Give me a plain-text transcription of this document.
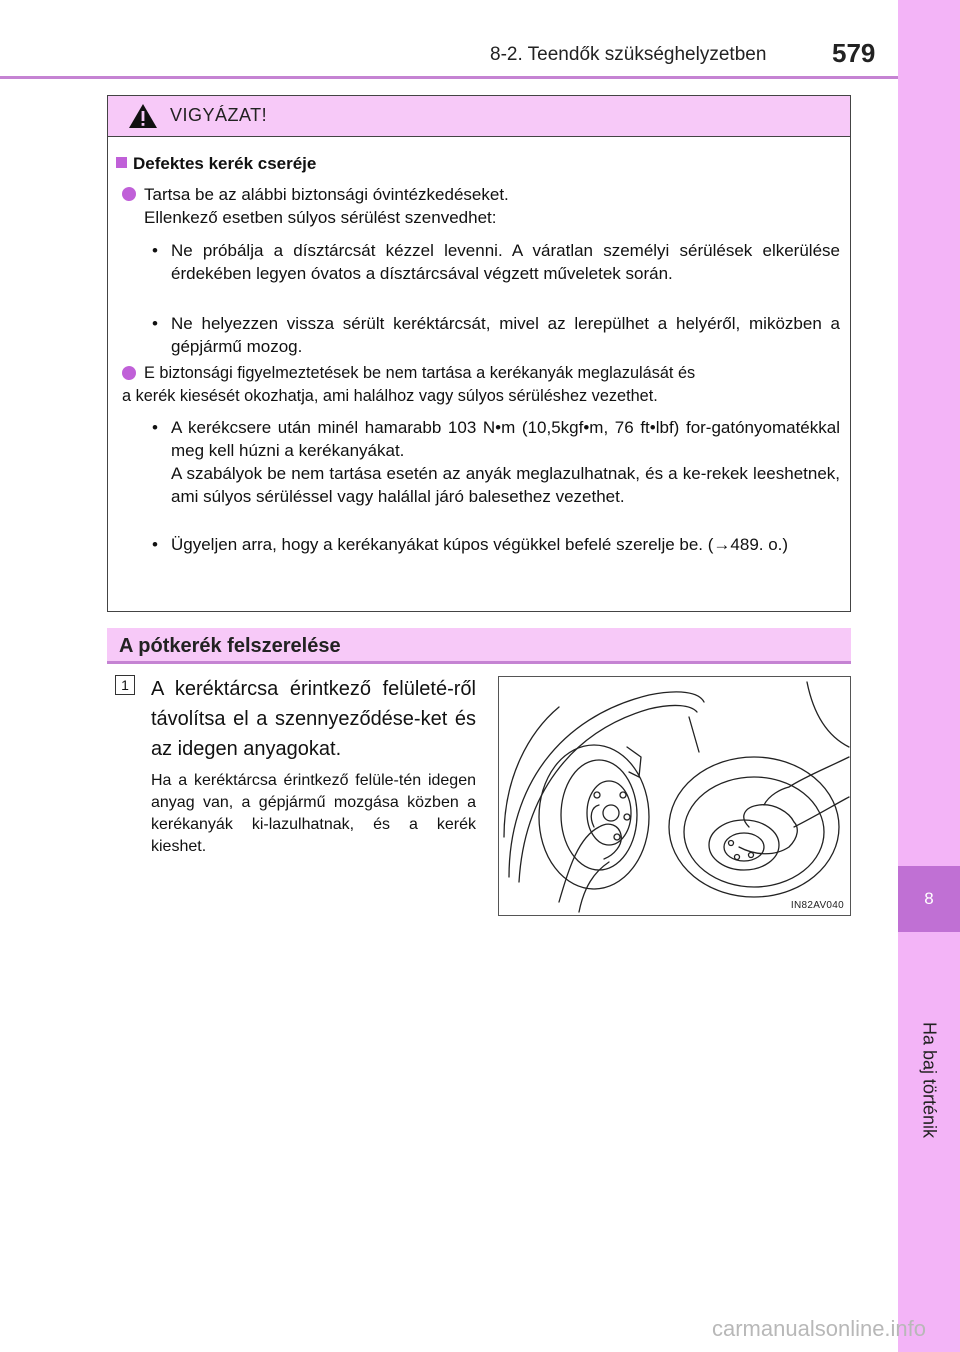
8-2. Teendők szükséghelyzetben	579
8
Ha baj történik
VIGYÁZAT!
Defektes kerék cseréje
Tartsa be az alábbi biztonsági óvintézkedéseket.
Ellenkező esetben súlyos sérülést szenvedhet:
• Ne próbálja a dísztárcsát kézzel levenni. A váratlan személyi sérülések elkerülése érdekében legyen óvatos a dísztárcsával végzett műveletek során.
• Ne helyezzen vissza sérült keréktárcsát, mivel az lerepülhet a helyéről, miközben a gépjármű mozog.
E biztonsági figyelmeztetések be nem tartása a kerékanyák meglazulását és
a kerék kiesését okozhatja, ami halálhoz vagy súlyos sérüléshez vezethet.
• A kerékcsere után minél hamarabb 103 N•m (10,5kgf•m, 76 ft•lbf) for-gatónyomatékkal meg kell húzni a kerékanyákat.
A szabályok be nem tartása esetén az anyák meglazulhatnak, és a ke-rekek leeshetnek, ami súlyos sérüléssel vagy halállal járó balesethez vezethet.
• Ügyeljen arra, hogy a kerékanyákat kúpos végükkel befelé szerelje be. (→489. o.)
A pótkerék felszerelése
1	A keréktárcsa érintkező felületé-ről távolítsa el a szennyeződése-ket és az idegen anyagokat.
Ha a keréktárcsa érintkező felüle-tén idegen anyag van, a gépjármű mozgása közben a kerékanyák ki-lazulhatnak, és a kerék kieshet.
IN82AV040
carmanualsonline.info
